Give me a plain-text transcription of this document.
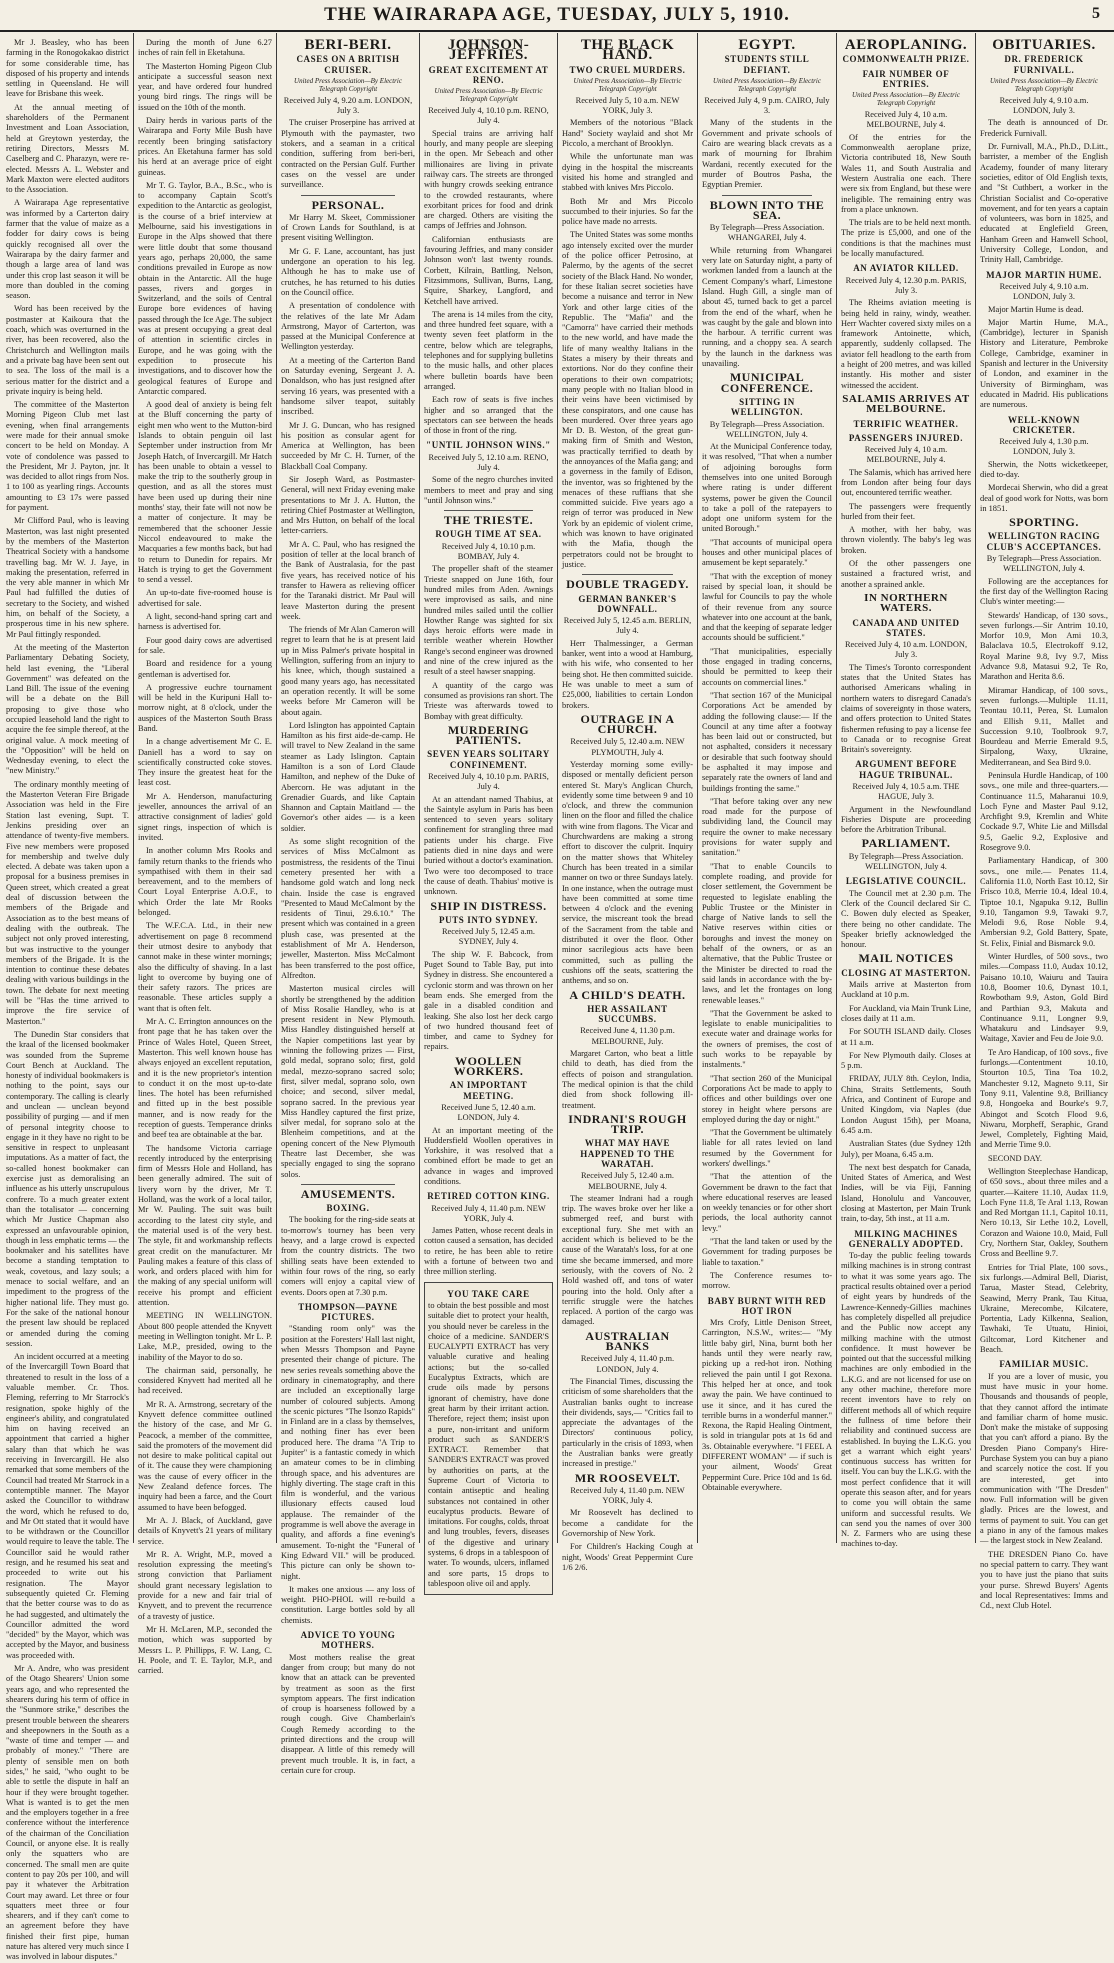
THE WAIRARAPA AGE, TUESDAY, JULY 5, 1910.	5

Mr J. Beasley, who has been farming in the Ronogokakao district for some considerable time, has disposed of his property and intends settling in Queensland. He will leave for Brisbane this week.

At the annual meeting of shareholders of the Permanent Investment and Loan Association, held at Greytown yesterday, the retiring Directors, Messrs M. Caselberg and C. Pharazyn, were re-elected. Messrs A. L. Webster and Mark Maxton were elected auditors to the Association.

A Wairarapa Age representative was informed by a Carterton dairy farmer that the value of maize as a fodder for dairy cows is being quickly recognised all over the Wairarapa by the dairy farmer and though a large area of land was under this crop last season it will be more than doubled in the coming season.

Word has been received by the postmaster at Kaikoura that the coach, which was overturned in the river, has been recovered, also the Christchurch and Wellington mails and a private bag have been sent out to sea. The loss of the mail is a serious matter for the district and a private inquiry is being held.

The committee of the Masterton Morning Pigeon Club met last evening, when final arrangements were made for their annual smoke concert to be held on Monday. A vote of condolence was passed to the President, Mr J. Payton, jnr. It was decided to allot rings from Nos. 1 to 100 as yearling rings. Accounts amounting to £3 17s were passed for payment.

Mr Clifford Paul, who is leaving Masterton, was last night presented by the members of the Masterton Theatrical Society with a handsome travelling bag. Mr W. J. Jaye, in making the presentation, referred in the very able manner in which Mr Paul had fulfilled the duties of secretary to the Society, and wished him, on behalf of the Society, a prosperous time in his new sphere. Mr Paul fittingly responded.

At the meeting of the Masterton Parliamentary Debating Society, held last evening, the "Liberal Government" was defeated on the Land Bill. The issue of the evening will be a debate on the Bill proposing to give those who occupied leasehold land the right to acquire the fee simple thereof, at the original value. A mock meeting of the "Opposition" will be held on Wednesday evening, to elect the "new Ministry."

The ordinary monthly meeting of the Masterton Veteran Fire Brigade Association was held in the Fire Station last evening, Supt. T. Jenkins presiding over an attendance of twenty-five members. Five new members were proposed for membership and twelve duly elected. A debate was taken upon a proposal for a business premises in Queen street, which created a great deal of discussion between the members of the Brigade and Association as to the best means of dealing with the outbreak. The subject not only proved interesting, but was instructive to the younger members of the Brigade. It is the intention to continue these debates dealing with various buildings in the town. The debate for next meeting will be "Has the time arrived to improve the fire service of Masterton."

The Dunedin Star considers that the kraal of the licensed bookmaker was sounded from the Supreme Court Bench at Auckland. The honesty of individual bookmakers is nothing to the point, says our contemporary. The calling is clearly and unclean — unclean beyond possibility of purging — and if men of personal integrity choose to engage in it they have no right to be sensitive in respect to unpleasant imputations. As a matter of fact, the so-called honest bookmaker can exercise just as demoralising an influence as his utterly unscrupulous confrere. To a much greater extent than the totalisator — concerning which Mr Justice Chapman also expressed an unfavourable opinion, though in less emphatic terms — the bookmaker and his satellites have become a standing temptation to weak, covetous, and lazy souls; a menace to social welfare, and an impediment to the progress of the higher national life. They must go. For the sake of the national honour the present law should be replaced or amended during the coming session.

An incident occurred at a meeting of the Invercargill Town Board that threatened to result in the loss of a valuable member. Cr. Thos. Fleming, referring to Mr Starrock's resignation, spoke highly of the engineer's ability, and congratulated him on having received an appointment that carried a higher salary than that which he was receiving in Invercargill. He also remarked that some members of the Council had treated Mr Starrock in a contemptible manner. The Mayor asked the Councillor to withdraw the word, which he refused to do, and Mr Ott stated that it would have to be withdrawn or the Councillor would require to leave the table. The Councillor said he would rather resign, and he resumed his seat and proceeded to write out his resignation. The Mayor subsequently quieted Cr. Fleming that the better course was to do as he had suggested, and ultimately the Councillor admitted the word "decided" by the Mayor, which was accepted by the Mayor, and business was proceeded with.

Mr A. Andre, who was president of the Otago Shearers' Union some years ago, and who represented the shearers during his term of office in the "Sunmore strike," describes the present trouble between the shearers and sheepowners in the South as a "waste of time and temper — and probably of money." "There are plenty of sensible men on both sides," he said, "who ought to be able to settle the dispute in half an hour if they were brought together. What is wanted is to get the men and the employers together in a free conference without the interference of the chairman of the Conciliation Council, or anyone else. It is really only the squatters who are concerned. The small men are quite content to pay 20s per 100, and will pay it whatever the Arbitration Court may award. Let three or four squatters meet three or four shearers, and if they can't come to an agreement before they have finished their first pipe, human nature has altered very much since I was involved in labour disputes."

During the month of June 6.27 inches of rain fell in Eketahuna.

The Masterton Homing Pigeon Club anticipate a successful season next year, and have ordered four hundred young bird rings. The rings will be issued on the 10th of the month.

Dairy herds in various parts of the Wairarapa and Forty Mile Bush have recently been bringing satisfactory prices. An Eketahuna farmer has sold his herd at an average price of eight guineas.

Mr T. G. Taylor, B.A., B.Sc., who is to accompany Captain Scott's expedition to the Antarctic as geologist, is the course of a brief interview at Melbourne, said his investigations in Europe in the Alps showed that there were little doubt that some thousand years ago, perhaps 20,000, the same conditions prevailed in Europe as now obtain in the Antarctic. All the huge passes, rivers and gorges in Switzerland, and the soils of Central Europe bore evidences of having passed through the Ice Age. The subject was at present occupying a great deal of attention in scientific circles in Europe, and he was going with the expedition to prosecute his investigations, and to discover how the geological features of Europe and Antarctic compared.

A good deal of anxiety is being felt at the Bluff concerning the party of eight men who went to the Mutton-bird Islands to obtain penguin oil last September under instruction from Mr Joseph Hatch, of Invercargill. Mr Hatch has been unable to obtain a vessel to make the trip to the southerly group in question, and as all the stores must have been used up during their nine months' stay, their fate will not now be a matter of conjecture. It may be remembered that the schooner Jessie Niccol endeavoured to make the Macquaries a few months back, but had to return to Dunedin for repairs. Mr Hatch is trying to get the Government to send a vessel.

An up-to-date five-roomed house is advertised for sale.

A light, second-hand spring cart and harness is advertised for.

Four good dairy cows are advertised for sale.

Board and residence for a young gentleman is advertised for.

A progressive euchre tournament will be held in the Kuripuni Hall to-morrow night, at 8 o'clock, under the auspices of the Masterton South Brass Band.

In a change advertisement Mr C. E. Daniell has a word to say on scientifically constructed coke stoves. They insure the greatest heat for the least cost.

Mr A. Henderson, manufacturing jeweller, announces the arrival of an attractive consignment of ladies' gold signet rings, inspection of which is invited.

In another column Mrs Rooks and family return thanks to the friends who sympathised with them in their sad bereavement, and to the members of Court Loyal Enterprise A.O.F., to which Order the late Mr Rooks belonged.

The W.F.C.A. Ltd., in their new advertisement on page 8 recommend their utmost desire to anybody that cannot make in these winter mornings; also the difficulty of shaving. In a last light to overcome by buying one of their safety razors. The prices are reasonable. These articles supply a want that is often felt.

Mr A. C. Errington announces on the front page that he has taken over the Prince of Wales Hotel, Queen Street, Masterton. This well known house has always enjoyed an excellent reputation, and it is the new proprietor's intention to conduct it on the most up-to-date lines. The hotel has been refurnished and fitted up in the best possible manner, and is now ready for the reception of guests. Temperance drinks and beef tea are obtainable at the bar.

The handsome Victoria carriage recently introduced by the enterprising firm of Messrs Hole and Holland, has been generally admired. The suit of livery worn by the driver, Mr T. Holland, was the work of a local tailor, Mr W. Pauling. The suit was built according to the latest city style, and the material used is of the very best. The style, fit and workmanship reflects great credit on the manufacturer. Mr Pauling makes a feature of this class of work, and orders placed with him for the making of any special uniform will receive his prompt and efficient attention.

MEETING IN WELLINGTON. About 800 people attended the Knyvett meeting in Wellington tonight. Mr L. P. Lake, M.P., presided, owing to the inability of the Mayor to do so.

The chairman said, personally, he considered Knyvett had merited all he had received.

Mr R. A. Armstrong, secretary of the Knyvett defence committee outlined the history of the case, and Mr G. Peacock, a member of the committee, said the promoters of the movement did not desire to make political capital out of it. The cause they were championing was the cause of every officer in the New Zealand defence forces. The inquiry had been a farce, and the Court assumed to have been befogged.

Mr A. J. Black, of Auckland, gave details of Knyvett's 21 years of military service.

Mr R. A. Wright, M.P., moved a resolution expressing the meeting's strong conviction that Parliament should grant necessary legislation to provide for a new and fair trial of Knyvett, and to prevent the recurrence of a travesty of justice.

Mr H. McLaren, M.P., seconded the motion, which was supported by Messrs L. P. Phillipps, F. W. Lang, C. H. Poole, and T. E. Taylor, M.P., and carried.

BERI-BERI.
CASES ON A BRITISH CRUISER.
United Press Association—By Electric Telegraph Copyright
Received July 4, 9.20 a.m. LONDON, July 3.

The cruiser Proserpine has arrived at Plymouth with the paymaster, two stokers, and a seaman in a critical condition, suffering from beri-beri, contracted on the Persian Gulf. Further cases on the vessel are under surveillance.

PERSONAL.

Mr Harry M. Skeet, Commissioner of Crown Lands for Southland, is at present visiting Wellington.

Mr G. F. Lane, accountant, has just undergone an operation to his leg. Although he has to make use of crutches, he has returned to his duties on the Council office.

A presentation of condolence with the relatives of the late Mr Adam Armstrong, Mayor of Carterton, was passed at the Municipal Conference at Wellington yesterday.

At a meeting of the Carterton Band on Saturday evening, Sergeant J. A. Donaldson, who has just resigned after serving 16 years, was presented with a handsome silver teapot, suitably inscribed.

Mr J. G. Duncan, who has resigned his position as consular agent for America at Wellington, has been succeeded by Mr C. H. Turner, of the Blackball Coal Company.

Sir Joseph Ward, as Postmaster-General, will next Friday evening make presentations to Mr J. A. Hutton, the retiring Chief Postmaster at Wellington, and Mrs Hutton, on behalf of the local letter-carriers.

Mr A. C. Paul, who has resigned the position of teller at the local branch of the Bank of Australasia, for the past five years, has received notice of his transfer to Hawera as relieving officer for the Taranaki district. Mr Paul will leave Masterton during the present week.

The friends of Mr Alan Cameron will regret to learn that he is at present laid up in Miss Palmer's private hospital in Wellington, suffering from an injury to his knee, which, though sustained a good many years ago, has necessitated an operation recently. It will be some weeks before Mr Cameron will be about again.

Lord Islington has appointed Captain Hamilton as his first aide-de-camp. He will travel to New Zealand in the same steamer as Lady Islington. Captain Hamilton is a son of Lord Claude Hamilton, and nephew of the Duke of Abercorn. He was adjutant in the Grenadier Guards, and like Captain Shannon and Captain Maitland — the Governor's other aides — is a keen soldier.

As some slight recognition of the services of Miss McCalmont as postmistress, the residents of the Tinui cemetery presented her with a handsome gold watch and long neck chain. Inside the case is engraved "Presented to Maud McCalmont by the residents of Tinui, 29.6.10." The present which was contained in a green plush case, was presented at the establishment of Mr A. Henderson, jeweller, Masterton. Miss McCalmont has been transferred to the post office, Alfredton.

Masterton musical circles will shortly be strengthened by the addition of Miss Rosalie Handley, who is at present resident in New Plymouth. Miss Handley distinguished herself at the Napier competitions last year by winning the following prizes — First, gold medal, soprano solo; first, gold medal, mezzo-soprano sacred solo; first, silver medal, soprano solo, own choice; and second, silver medal, soprano sacred. In the previous year Miss Handley captured the first prize, silver medal, for soprano solo at the Blenheim competitions, and at the opening concert of the New Plymouth Theatre last December, she was specially engaged to sing the soprano solos.

AMUSEMENTS.
BOXING.

The booking for the ring-side seats at to-morrow's tourney has been very heavy, and a large crowd is expected from the country districts. The two shilling seats have been extended to within four rows of the ring, so early comers will enjoy a capital view of events. Doors open at 7.30 p.m.

THOMPSON—PAYNE PICTURES.

"Standing room only" was the position at the Foresters' Hall last night, when Messrs Thompson and Payne presented their change of picture. The new series reveals something above the ordinary in cinematography, and there are included an exceptionally large number of coloured subjects. Among the scenic pictures "The Isonzo Rapids" in Finland are in a class by themselves, and nothing finer has ever been produced here. The drama "A Trip to Jupiter" is a fantastic comedy in which an amateur comes to be in climbing through space, and his adventures are highly diverting. The stage craft in this film is wonderful, and the various illusionary effects caused loud applause. The remainder of the programme is well above the average in quality, and affords a fine evening's amusement. To-night the "Funeral of King Edward VII." will be produced. This picture can only be shown to-night.

It makes one anxious — any loss of weight. PHO-PHOL will re-build a constitution. Large bottles sold by all chemists.

ADVICE TO YOUNG MOTHERS.

Most mothers realise the great danger from croup; but many do not know that an attack can be prevented by treatment as soon as the first symptom appears. The first indication of croup is hoarseness followed by a rough cough. Give Chamberlain's Cough Remedy according to the printed directions and the croup will disappear. A little of this remedy will prevent much trouble. It is, in fact, a certain cure for croup.

JOHNSON-JEFFRIES.
GREAT EXCITEMENT AT RENO.
United Press Association—By Electric Telegraph Copyright
Received July 4, 10.10 p.m. RENO, July 4.

Special trains are arriving half hourly, and many people are sleeping in the open. Mr Sebeach and other millionaires are living in private railway cars. The streets are thronged with hungry crowds seeking entrance to the crowded restaurants, where exorbitant prices for food and drink are charged. Others are visiting the camps of Jeffries and Johnson.

Californian enthusiasts are favouring Jeffries, and many consider Johnson won't last twenty rounds. Corbett, Kilrain, Battling, Nelson, Fitzsimmons, Sullivan, Burns, Lang, Squire, Sharkey, Langford, and Ketchell have arrived.

The arena is 14 miles from the city, and three hundred feet square, with a twenty seven feet platform in the centre, below which are telegraphs, telephones and for supplying bulletins to the music halls, and other places where bulletin boards have been arranged.

Each row of seats is five inches higher and so arranged that the spectators can see between the heads of those in front of the ring.

"UNTIL JOHNSON WINS."
Received July 5, 12.10 a.m. RENO, July 4.

Some of the negro churches invited members to meet and pray and sing "until Johnson wins."

THE TRIESTE.
ROUGH TIME AT SEA.
Received July 4, 10.10 p.m. BOMBAY, July 4.

The propeller shaft of the steamer Trieste snapped on June 16th, four hundred miles from Aden. Awnings were improvised as sails, and nine hundred miles sailed until the collier Howther Range was sighted for six days heroic efforts were made in terrible weather wherein Howther Range's second engineer was drowned and nine of the crew injured as the result of a steel hawser snapping.

A quantity of the cargo was consumed as provisions ran short. The Trieste was afterwards towed to Bombay with great difficulty.

MURDERING PATIENTS.
SEVEN YEARS SOLITARY CONFINEMENT.
Received July 4, 10.10 p.m. PARIS, July 4.

At an attendant named Thabius, at the Saintyle asylum in Paris has been sentenced to seven years solitary confinement for strangling three mad patients under his charge. Five patients died in nine days and were buried without a doctor's examination. Two were too decomposed to trace the cause of death. Thabius' motive is unknown.

SHIP IN DISTRESS.
PUTS INTO SYDNEY.
Received July 5, 12.45 a.m. SYDNEY, July 4.

The ship W. F. Babcock, from Puget Sound to Table Bay, put into Sydney in distress. She encountered a cyclonic storm and was thrown on her beam ends. She emerged from the gale in a disabled condition and leaking. She also lost her deck cargo of two hundred thousand feet of timber, and came to Sydney for repairs.

WOOLLEN WORKERS.
AN IMPORTANT MEETING.
Received June 5, 12.40 a.m. LONDON, July 4.

At an important meeting of the Huddersfield Woollen operatives in Yorkshire, it was resolved that a combined effort be made to get an advance in wages and improved conditions.

RETIRED COTTON KING.
Received July 4, 11.40 p.m. NEW YORK, July 4.

James Patten, whose recent deals in cotton caused a sensation, has decided to retire, he has been able to retire with a fortune of between two and three million sterling.

YOU TAKE CARE

to obtain the best possible and most suitable diet to protect your health, you should never be careless in the choice of a medicine. SANDER'S EUCALYPTI EXTRACT has very valuable curative and healing actions; but the so-called Eucalyptus Extracts, which are crude oils made by persons ignorant of chemistry, have done great harm by their irritant action. Therefore, reject them; insist upon a pure, non-irritant and uniform product such as SANDER'S EXTRACT. Remember that SANDER'S EXTRACT was proved by authorities on parts, at the Supreme Court of Victoria to contain antiseptic and healing substances not contained in other eucalyptus products. Beware of imitations. For coughs, colds, throat and lung troubles, fevers, diseases of the digestive and urinary systems, 6 drops in a tablespoon of water. To wounds, ulcers, inflamed and sore parts, 15 drops to tablespoon olive oil and apply.

THE BLACK HAND.
TWO CRUEL MURDERS.
United Press Association—By Electric Telegraph Copyright
Received July 5, 10 a.m. NEW YORK, July 3.

Members of the notorious "Black Hand" Society waylaid and shot Mr Piccolo, a merchant of Brooklyn.

While the unfortunate man was dying in the hospital the miscreants visited his home and strangled and stabbed with knives Mrs Piccolo.

Both Mr and Mrs Piccolo succumbed to their injuries. So far the police have made no arrests.

The United States was some months ago intensely excited over the murder of the police officer Petrosino, at Palermo, by the agents of the secret society of the Black Hand. No wonder, for these Italian secret societies have become a nuisance and terror in New York and other large cities of the Republic. The "Mafia" and the "Camorra" have carried their methods to the new world, and have made the life of many wealthy Italians in the States a misery by their threats and extortions. Nor do they confine their operations to their own compatriots; many people with no Italian blood in their veins have been victimised by these conspirators, and one cause has been murdered. Over three years ago Mr D. B. Weston, of the great gun-making firm of Smith and Weston, was practically terrified to death by the annoyances of the Mafia gang; and a governess in the family of Edison, the inventor, was so frightened by the menaces of these ruffians that she committed suicide. Five years ago a reign of terror was produced in New York by an epidemic of violent crime, which was known to have originated with the Mafia, though the perpetrators could not be brought to justice.

DOUBLE TRAGEDY.
GERMAN BANKER'S DOWNFALL.
Received July 5, 12.45 a.m. BERLIN, July 4.

Herr Thalmessinger, a German banker, went into a wood at Hamburg, with his wife, who consented to her being shot. He then committed suicide. He was unable to meet a sum of £25,000, liabilities to certain London brokers.

OUTRAGE IN A CHURCH.
Received July 5, 12.40 a.m. NEW PLYMOUTH, July 4.

Yesterday morning some evilly-disposed or mentally deficient person entered St. Mary's Anglican Church, evidently some time between 9 and 10 o'clock, and threw the communion linen on the floor and filled the chalice with wine from flagons. The Vicar and Churchwardens are making a strong effort to discover the culprit. Inquiry on the matter shows that Whiteley Church has been treated in a similar manner on two or three Sundays lately. In one instance, when the outrage must have been committed at some time between 4 o'clock and the evening service, the miscreant took the bread of the Sacrament from the table and distributed it over the floor. Other minor sacrilegious acts have been committed, such as pulling the cushions off the seats, scattering the anthems, and so on.

A CHILD'S DEATH.
HER ASSAILANT SUCCUMBS.
Received June 4, 11.30 p.m. MELBOURNE, July.

Margaret Carton, who beat a little child to death, has died from the effects of poison and strangulation. The medical opinion is that the child died from shock following ill-treatment.

INDRANI'S ROUGH TRIP.
WHAT MAY HAVE HAPPENED TO THE WARATAH.
Received July 5, 12.40 a.m. MELBOURNE, July 4.

The steamer Indrani had a rough trip. The waves broke over her like a submerged reef, and burst with exceptional fury. She met with an accident which is believed to be the cause of the Waratah's loss, for at one time she became immersed, and more seriously, with the covers of No. 2 Hold washed off, and tons of water pouring into the hold. Only after a terrific struggle were the hatches replaced. A portion of the cargo was damaged.

AUSTRALIAN BANKS
Received July 4, 11.40 p.m. LONDON, July 4.

The Financial Times, discussing the criticism of some shareholders that the Australian banks ought to increase their dividends, says,— "Critics fail to appreciate the advantages of the Directors' continuous policy, particularly in the crisis of 1893, when the Australian banks were greatly increased in prestige."

MR ROOSEVELT.
Received July 4, 11.40 p.m. NEW YORK, July 4.

Mr Roosevelt has declined to become a candidate for the Governorship of New York.

For Children's Hacking Cough at night, Woods' Great Peppermint Cure 1/6 2/6.

EGYPT.
STUDENTS STILL DEFIANT.
United Press Association—By Electric Telegraph Copyright
Received July 4, 9 p.m. CAIRO, July 3.

Many of the students in the Government and private schools of Cairo are wearing black crevats as a mark of mourning for Ibrahim Wardani, recently executed for the murder of Boutros Pasha, the Egyptian Premier.

BLOWN INTO THE SEA.
By Telegraph—Press Association. WHANGAREI, July 4.

While returning from Whangarei very late on Saturday night, a party of workmen landed from a launch at the Cement Company's wharf, Limestone Island. Hugh Gill, a single man of about 45, turned back to get a parcel from the end of the wharf, when he was caught by the gale and blown into the harbour. A terrific current was running, and a choppy sea. A search by the launch in the darkness was unavailing.

MUNICIPAL CONFERENCE.
SITTING IN WELLINGTON.
By Telegraph—Press Association. WELLINGTON, July 4.

At the Municipal Conference today, it was resolved, "That when a number of adjoining boroughs form themselves into one united Borough where rating is under different systems, power be given the Council to take a poll of the ratepayers to adopt one uniform system for the united Borough."

"That accounts of municipal opera houses and other municipal places of amusement be kept separately."

"That with the exception of money raised by special loan, it should be lawful for Councils to pay the whole of their revenue from any source whatever into one account at the bank, and that the keeping of separate ledger accounts should be sufficient."

"That municipalities, especially those engaged in trading concerns, should be permitted to keep their accounts on commercial lines."

"That section 167 of the Municipal Corporations Act be amended by adding the following clause:— If the Council at any time after a footway has been laid out or constructed, but not asphalted, considers it necessary or desirable that such footway should be asphalted it may impose and separately rate the owners of land and buildings fronting the same."

"That before taking over any new road made for the purpose of subdividing land, the Council may require the owner to make necessary provisions for water supply and sanitation."

"That to enable Councils to complete roading, and provide for closer settlement, the Government be requested to legislate enabling the Public Trustee or the Minister in charge of Native lands to sell the Native reserves within cities or boroughs and invest the money on behalf of the owners, or as an alternative, that the Public Trustee or the Minister be directed to road the said lands in accordance with the by-laws, and let the frontages on long renewable leases."

"That the Government be asked to legislate to enable municipalities to execute water and drainage works for the owners of premises, the cost of such works to be repayable by instalments."

"That section 260 of the Municipal Corporations Act be made to apply to offices and other buildings over one storey in height where persons are employed during the day or night."

"That the Government be ultimately liable for all rates levied on land resumed by the Government for workers' dwellings."

"That the attention of the Government be drawn to the fact that where educational reserves are leased on weekly tenancies or for other short periods, the local authority cannot levy."

"That the land taken or used by the Government for trading purposes be liable to taxation."

The Conference resumes to-morrow.

BABY BURNT WITH RED HOT IRON

Mrs Crofy, Little Denison Street, Carrington, N.S.W., writes:— "My little baby girl, Nina, burnt both her hands until they were nearly raw, picking up a red-hot iron. Nothing relieved the pain until I got Rexona. This helped her at once, and took away the pain. We have continued to use it since, and it has cured the terrible burns in a wonderful manner." Rexona, the Rapid Healing Ointment, is sold in triangular pots at 1s 6d and 3s. Obtainable everywhere. "I FEEL A DIFFERENT WOMAN" — if such is your ailment, Woods' Great Peppermint Cure. Price 10d and 1s 6d. Obtainable everywhere.

AEROPLANING.
COMMONWEALTH PRIZE.
FAIR NUMBER OF ENTRIES.
United Press Association—By Electric Telegraph Copyright
Received July 4, 10 a.m. MELBOURNE, July 4.

Of the entries for the Commonwealth aeroplane prize, Victoria contributed 18, New South Wales 11, and South Australia and Western Australia one each. There were six from England, but these were ineligible. The remaining entry was from a place unknown.

The trials are to be held next month. The prize is £5,000, and one of the conditions is that the machines must be locally manufactured.

AN AVIATOR KILLED.
Received July 4, 12.30 p.m. PARIS, July 3.

The Rheims aviation meeting is being held in rainy, windy, weather. Herr Wachter covered sixty miles on a framework Antoinette, which, apparently, suddenly collapsed. The aviator fell headlong to the earth from a height of 200 metres, and was killed instantly. His mother and sister witnessed the accident.

SALAMIS ARRIVES AT MELBOURNE.
TERRIFIC WEATHER.
PASSENGERS INJURED.
Received July 4, 10 a.m. MELBOURNE, July 4.

The Salamis, which has arrived here from London after being four days out, encountered terrific weather.

The passengers were frequently hurled from their feet.

A mother, with her baby, was thrown violently. The baby's leg was broken.

Of the other passengers one sustained a fractured wrist, and another a sprained ankle.

IN NORTHERN WATERS.
CANADA AND UNITED STATES.
Received July 4, 10 a.m. LONDON, July 3.

The Times's Toronto correspondent states that the United States has authorised Americans whaling in northern waters to disregard Canada's claims of sovereignty in those waters, and offers protection to United States fishermen refusing to pay a license fee to Canada or to recognise Great Britain's sovereignty.

ARGUMENT BEFORE HAGUE TRIBUNAL.
Received July 4, 10.5 a.m. THE HAGUE, July 3.

Argument in the Newfoundland Fisheries Dispute are proceeding before the Arbitration Tribunal.

PARLIAMENT.
By Telegraph—Press Association. WELLINGTON, July 4.
LEGISLATIVE COUNCIL.

The Council met at 2.30 p.m. The Clerk of the Council declared Sir C. C. Bowen duly elected as Speaker, there being no other candidate. The Speaker briefly acknowledged the honour.

MAIL NOTICES
CLOSING AT MASTERTON.

Mails arrive at Masterton from Auckland at 10 p.m.

For Auckland, via Main Trunk Line, closes daily at 11 a.m.

For SOUTH ISLAND daily. Closes at 11 a.m.

For New Plymouth daily. Closes at 5 p.m.

FRIDAY, JULY 8th. Ceylon, India, China, Straits Settlements, South Africa, and Continent of Europe and United Kingdom, via Naples (due London August 15th), per Moana, 6.45 a.m.

Australian States (due Sydney 12th July), per Moana, 6.45 a.m.

The next best despatch for Canada, United States of America, and West Indies, will be via Fiji, Fanning Island, Honolulu and Vancouver, closing at Masterton, per Main Trunk train, to-day, 5th inst., at 11 a.m.

MILKING MACHINES GENERALLY ADOPTED.

To-day the public feeling towards milking machines is in strong contrast to what it was some years ago. The practical results obtained over a period of eight years by hundreds of the Lawrence-Kennedy-Gillies machines has completely dispelled all prejudice and the Public now accept any milking machine with the utmost confidence. It must however be pointed out that the successful milking machines are only embodied in the L.K.G. and are not licensed for use on any other machine, therefore more recent inventors have to rely on different methods all of which require the fullness of time before their reliability and continued success are established. In buying the L.K.G. you get a warrant which eight years' continuous success has written for itself. You can buy the L.K.G. with the most perfect confidence that it will operate this season after, and for years to come you will obtain the same uniform and successful results. We can send you the names of over 300 N. Z. Farmers who are using these machines to-day.

OBITUARIES.
DR. FREDERICK FURNIVALL.
United Press Association—By Electric Telegraph Copyright
Received July 4, 9.10 a.m. LONDON, July 3.

The death is announced of Dr. Frederick Furnivall.

Dr. Furnivall, M.A., Ph.D., D.Litt., barrister, a member of the English Academy, founder of many literary societies, editor of Old English texts, and "St Cuthbert, a worker in the Christian Socialist and Co-operative movement, and for ten years a captain of volunteers, was born in 1825, and educated at Englefield Green, Hanham Green and Hanwell School, University College, London, and Trinity Hall, Cambridge.

MAJOR MARTIN HUME.
Received July 4, 9.10 a.m. LONDON, July 3.

Major Martin Hume is dead.

Major Martin Hume, M.A., (Cambridge), lecturer in Spanish History and Literature, Pembroke College, Cambridge, examiner in Spanish and lecturer in the University of London, and examiner in the University of Birmingham, was educated in Madrid. His publications are numerous.

WELL-KNOWN CRICKETER.
Received July 4, 1.30 p.m. LONDON, July 3.

Sherwin, the Notts wicketkeeper, died to-day.

Mordecai Sherwin, who did a great deal of good work for Notts, was born in 1851.

SPORTING.
WELLINGTON RACING CLUB'S ACCEPTANCES.
By Telegraph—Press Association. WELLINGTON, July 4.

Following are the acceptances for the first day of the Wellington Racing Club's winter meeting:—

Stewards' Handicap, of 130 sovs., seven furlongs.—Sir Antrim 10.10, Morfor 10.9, Mon Ami 10.3, Balaclava 10.5, Electrokoff 9.12, Royal Marine 9.8, Ivy 9.7, Miss Advance 9.8, Matasui 9.2, Te Ro, Marathon and Herita 8.6.

Miramar Handicap, of 100 sovs., seven furlongs.—Multiple 11.11, Teontau 10.11, Perea, St. Lumalon and Ellish 9.11, Mallet and Succession 9.10, Toolbrook 9.7, Bourdeau and Merrie Emerald 9.5, Sirpalong, Waxy, Ukraine, Mediterranean, and Sea Bird 9.0.

Peninsula Hurdle Handicap, of 100 sovs., one mile and three-quarters.— Continuance 11.5, Maharanui 10.9, Loch Fyne and Master Paul 9.12, Archfight 9.9, Kremlin and White Cockade 9.7, White Lie and Millsdal 9.5, Gaelic 9.2, Explosive and Rosegrove 9.0.

Parliamentary Handicap, of 300 sovs., one mile.— Penates 11.4, California 11.0, North East 10.12, Sir Frisco 10.8, Merrie 10.4, Ideal 10.4, Tiptoe 10.1, Ngapuka 9.12, Bullin 9.10, Tangamon 9.9, Tawaki 9.7, Melodi 9.6, Rose Noble 9.4, Ambersian 9.2, Gold Battery, Spate, St. Felix, Finial and Bismarck 9.0.

Winter Hurdles, of 500 sovs., two miles.—Compass 11.0, Audax 10.12, Paisano 10.10, Waiuru and Tauira 10.8, Boomer 10.6, Dynast 10.1, Rowbotham 9.9, Aston, Gold Bird and Parthian 9.3, Makuta and Continuance 9.11, Longner 9.9, Whatakuru and Lindsayer 9.9, Waitage, Xavier and Feu de Joie 9.0.

Te Aro Handicap, of 100 sovs., five furlongs.—Contentment 10.10, Stourton 10.5, Tina Toa 10.2, Manchester 9.12, Magneto 9.11, Sir Tony 9.11, Valentine 9.8, Brilliancy 9.8, Hongoeka and Bourke's 9.7, Abingot and Scotch Flood 9.6, Niwaru, Morpheff, Seraphic, Grand Jewel, Completely, Fighting Maid, and Merrie Time 9.0.

SECOND DAY.

Wellington Steeplechase Handicap, of 650 sovs., about three miles and a quarter.—Kaitere 11.10, Audax 11.9, Loch Fyne 11.8, Te Aral 1.13, Rowan and Red Mortgan 11.1, Capitol 10.11, Nero 10.13, Sir Lethe 10.2, Lovell, Corazon and Waione 10.0, Maid, Full Cry, Northern Star, Oakley, Southern Cross and Beelline 9.7.

Entries for Trial Plate, 100 sovs., six furlongs.—Admiral Bell, Diarist, Tarua, Master Stead, Celebrity, Seawind, Merry Prank, Tau Kitua, Ukraine, Merecombe, Kilcatere, Portentia, Lady Kilkenna, Sealion, Tawhaki, Te Utuatu, Hinioi, Giltcomar, Lord Kitchener and Beach.

FAMILIAR MUSIC.

If you are a lover of music, you must have music in your home. Thousands and thousands of people, that they cannot afford the intimate and familiar charm of home music. Don't make the mistake of supposing that you can't afford a piano. By the Dresden Piano Company's Hire-Purchase System you can buy a piano and scarcely notice the cost. If you are interested, get into communication with "The Dresden" now. Full information will be given gladly. Prices are the lowest, and terms of payment to suit. You can get a piano in any of the famous makes — the largest stock in New Zealand.

THE DRESDEN Piano Co. have no special pattern to carry. They want you to have just the piano that suits your purse. Shrewd Buyers' Agents and local Representatives: Imms and Cd., next Club Hotel.
